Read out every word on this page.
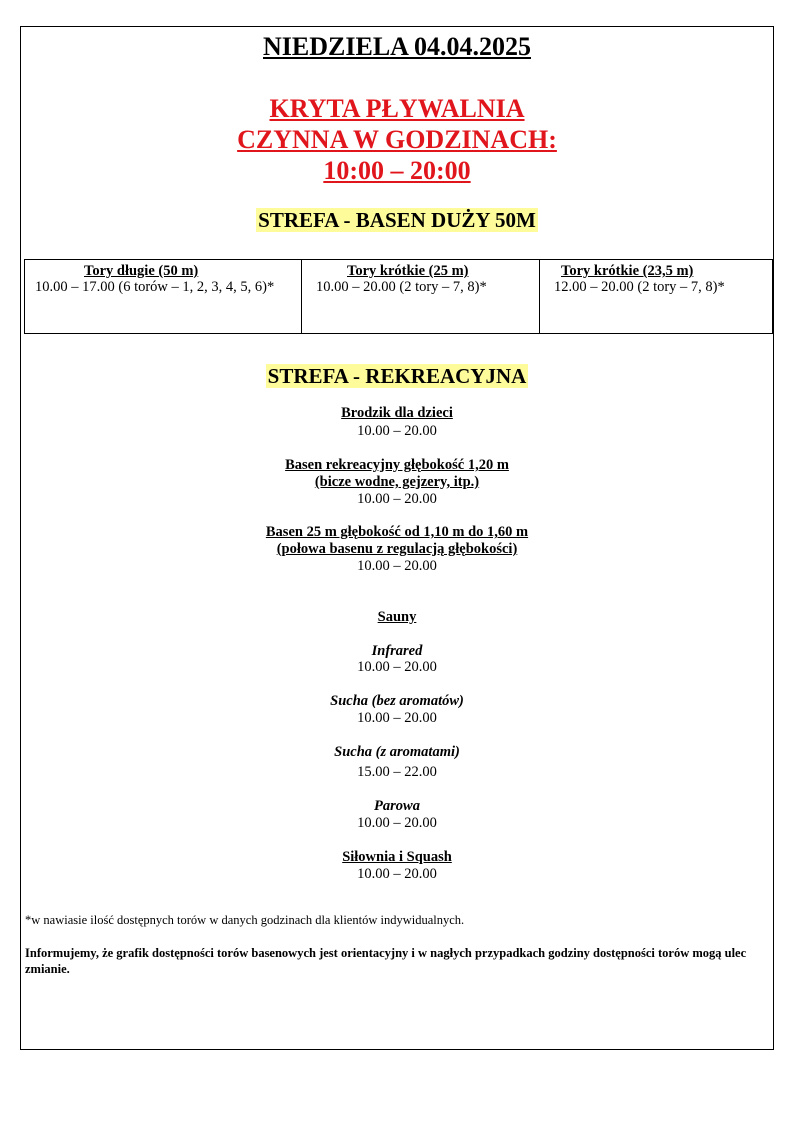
NIEDZIELA 04.04.2025
KRYTA PŁYWALNIA
CZYNNA W GODZINACH:
10:00 – 20:00
STREFA - BASEN DUŻY 50M
Tory długie (50 m)
10.00 – 17.00 (6 torów – 1, 2, 3, 4, 5, 6)*

Tory krótkie (25 m)
10.00 – 20.00 (2 tory – 7, 8)*

Tory krótkie (23,5 m)
12.00 – 20.00 (2 tory – 7, 8)*
STREFA - REKREACYJNA
Brodzik dla dzieci
10.00 – 20.00
Basen rekreacyjny głębokość 1,20 m
(bicze wodne, gejzery, itp.)
10.00 – 20.00
Basen 25 m głębokość od 1,10 m do 1,60 m
(połowa basenu z regulacją głębokości)
10.00 – 20.00
Sauny
Infrared
10.00 – 20.00
Sucha (bez aromatów)
10.00 – 20.00
Sucha (z aromatami)
15.00 – 22.00
Parowa
10.00 – 20.00
Siłownia i Squash
10.00 – 20.00
*w nawiasie ilość dostępnych torów w danych godzinach dla klientów indywidualnych.
Informujemy, że grafik dostępności torów basenowych jest orientacyjny i w nagłych przypadkach godziny dostępności torów mogą ulec zmianie.
